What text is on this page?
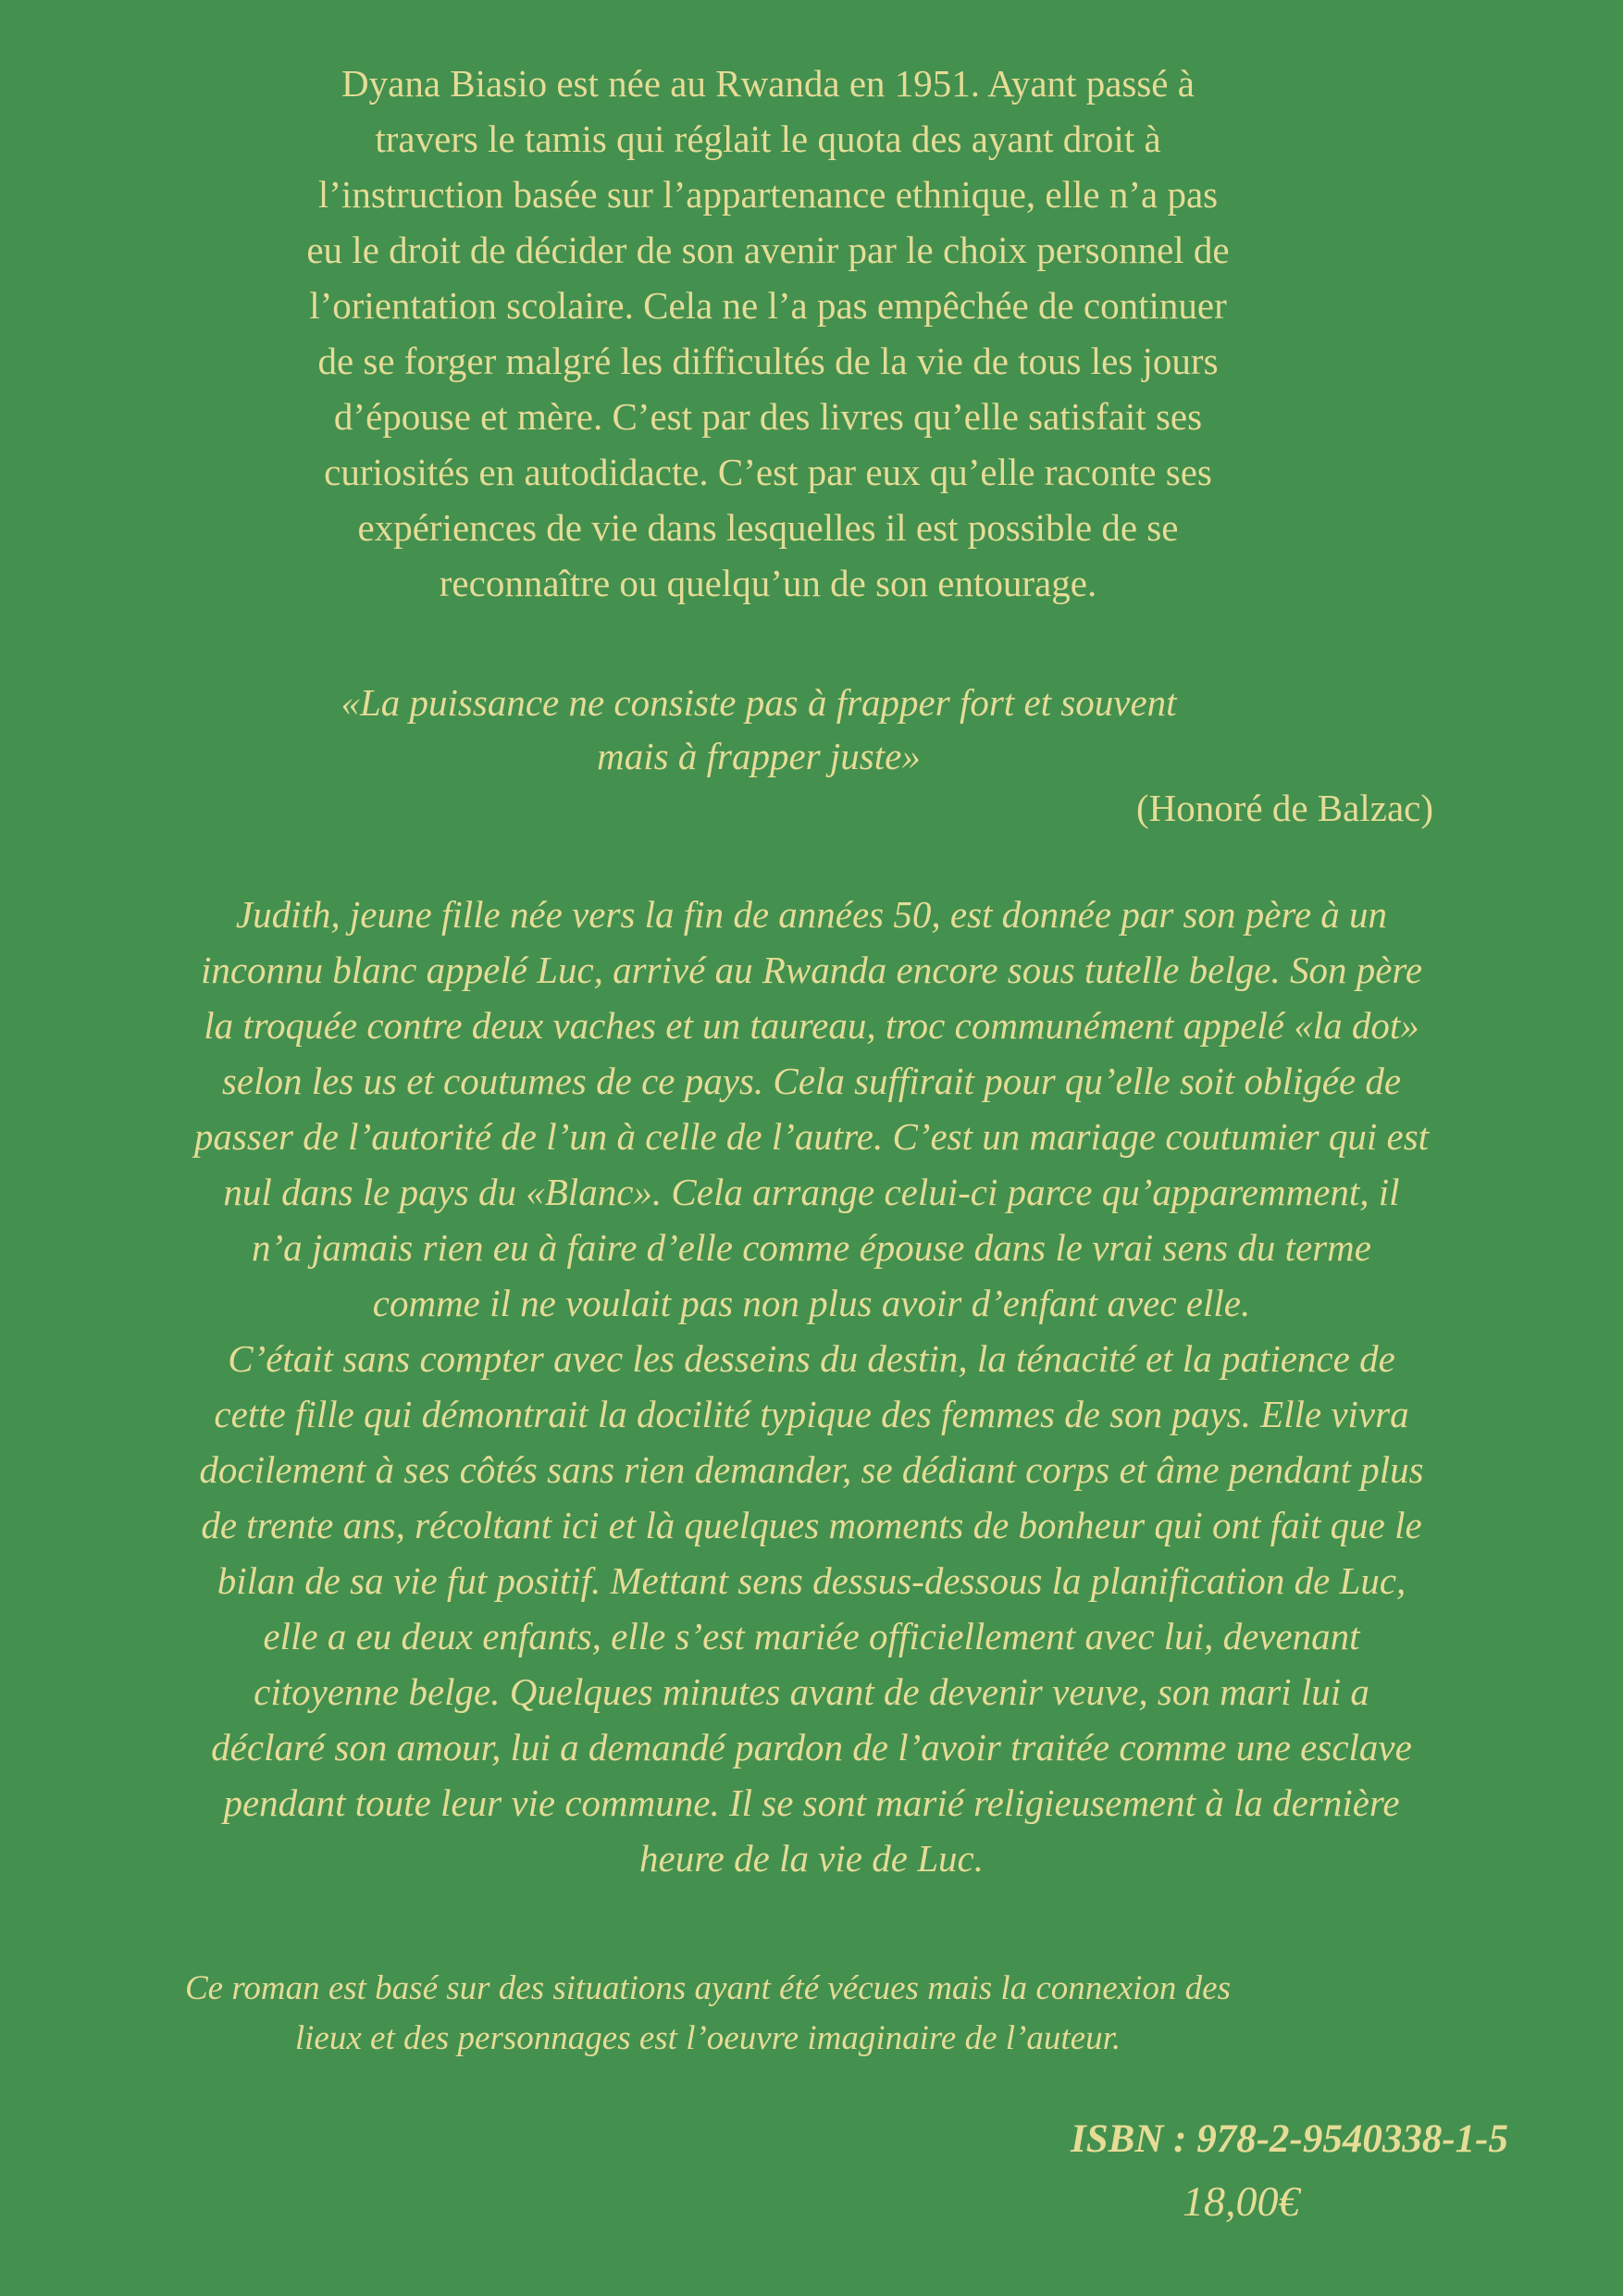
Dyana Biasio est née au Rwanda en 1951. Ayant passé à
travers le tamis qui réglait le quota des ayant droit à
l’instruction basée sur l’appartenance ethnique, elle n’a pas
eu le droit de décider de son avenir par le choix personnel de
l’orientation scolaire. Cela ne l’a pas empêchée de continuer
de se forger malgré les difficultés de la vie de tous les jours
d’épouse et mère. C’est par des livres qu’elle satisfait ses
curiosités en autodidacte. C’est par eux qu’elle raconte ses
expériences de vie dans lesquelles il est possible de se
reconnaître ou quelqu’un de son entourage.
«La puissance ne consiste pas à frapper fort et souvent
mais à frapper juste»
(Honoré de Balzac)
Judith, jeune fille née vers la fin de années 50, est donnée par son père à un
inconnu blanc appelé Luc, arrivé au Rwanda encore sous tutelle belge. Son père
la troquée contre deux vaches et un taureau, troc communément appelé «la dot»
selon les us et coutumes de ce pays. Cela suffirait pour qu’elle soit obligée de
passer de l’autorité de l’un à celle de l’autre. C’est un mariage coutumier qui est
nul dans le pays du «Blanc». Cela arrange celui-ci parce qu’apparemment, il
n’a jamais rien eu à faire d’elle comme épouse dans le vrai sens du terme
comme il ne voulait pas non plus avoir d’enfant avec elle.
C’était sans compter avec les desseins du destin, la ténacité et la patience de
cette fille qui démontrait la docilité typique des femmes de son pays. Elle vivra
docilement à ses côtés sans rien demander, se dédiant corps et âme pendant plus
de trente ans, récoltant ici et là quelques moments de bonheur qui ont fait que le
bilan de sa vie fut positif. Mettant sens dessus-dessous la planification de Luc,
elle a eu deux enfants, elle s’est mariée officiellement avec lui, devenant
citoyenne belge. Quelques minutes avant de devenir veuve, son mari lui a
déclaré son amour, lui a demandé pardon de l’avoir traitée comme une esclave
pendant toute leur vie commune. Il se sont marié religieusement à la dernière
heure de la vie de Luc.
Ce roman est basé sur des situations ayant été vécues mais la connexion des
lieux et des personnages est l’oeuvre imaginaire de l’auteur.
ISBN : 978-2-9540338-1-5
18,00€
